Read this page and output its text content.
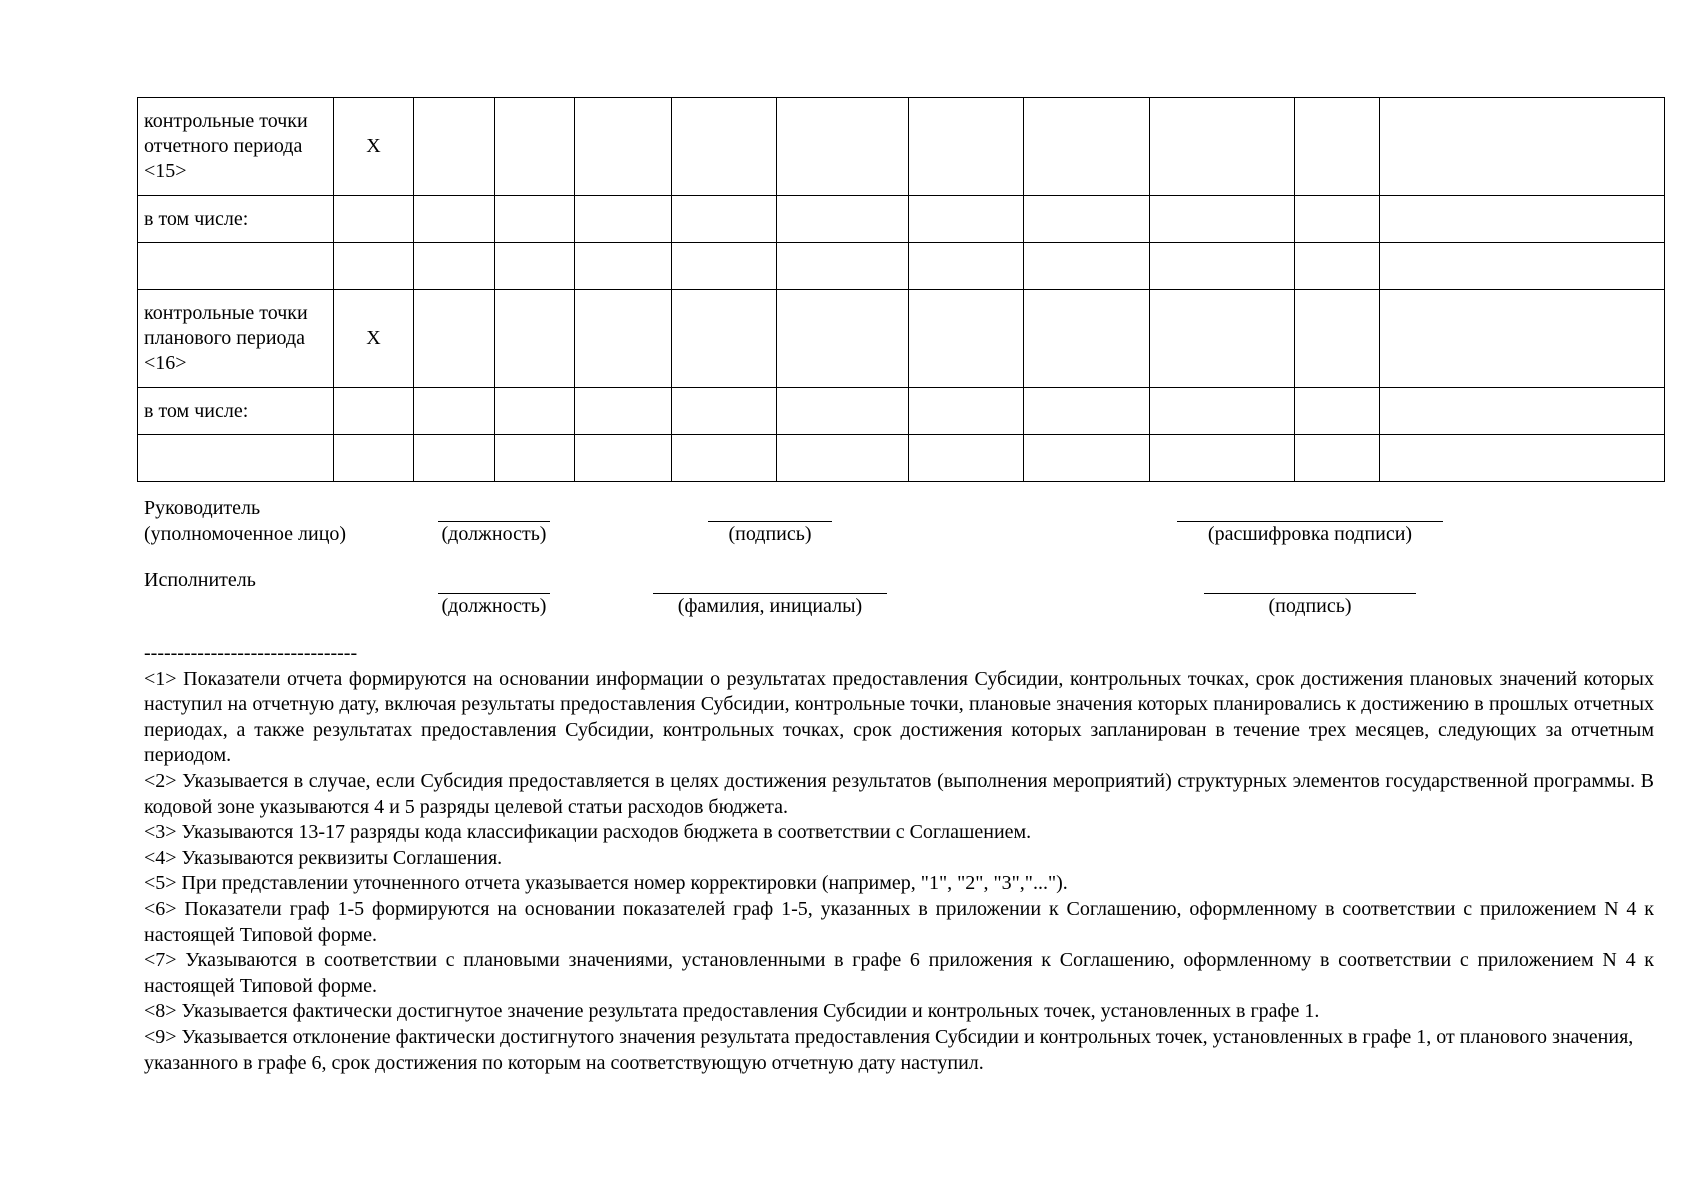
контрольные точки отчетного периода <15>	X										
в том числе:											

контрольные точки планового периода <16>	X										
в том числе:											

Руководитель
(уполномоченное лицо)	(должность)	(подпись)	(расшифровка подписи)
Исполнитель
(должность)	(фамилия, инициалы)	(подпись)
--------------------------------

<1> Показатели отчета формируются на основании информации о результатах предоставления Субсидии, контрольных точках, срок достижения плановых значений которых наступил на отчетную дату, включая результаты предоставления Субсидии, контрольные точки, плановые значения которых планировались к достижению в прошлых отчетных периодах, а также результатах предоставления Субсидии, контрольных точках, срок достижения которых запланирован в течение трех месяцев, следующих за отчетным периодом.

<2> Указывается в случае, если Субсидия предоставляется в целях достижения результатов (выполнения мероприятий) структурных элементов государственной программы. В кодовой зоне указываются 4 и 5 разряды целевой статьи расходов бюджета.

<3> Указываются 13-17 разряды кода классификации расходов бюджета в соответствии с Соглашением.

<4> Указываются реквизиты Соглашения.

<5> При представлении уточненного отчета указывается номер корректировки (например, "1", "2", "3","...").

<6> Показатели граф 1-5 формируются на основании показателей граф 1-5, указанных в приложении к Соглашению, оформленному в соответствии с приложением N 4 к настоящей Типовой форме.

<7> Указываются в соответствии с плановыми значениями, установленными в графе 6 приложения к Соглашению, оформленному в соответствии с приложением N 4 к настоящей Типовой форме.

<8> Указывается фактически достигнутое значение результата предоставления Субсидии и контрольных точек, установленных в графе 1.

<9> Указывается отклонение фактически достигнутого значения результата предоставления Субсидии и контрольных точек, установленных в графе 1, от планового значения, указанного в графе 6, срок достижения по которым на соответствующую отчетную дату наступил.
